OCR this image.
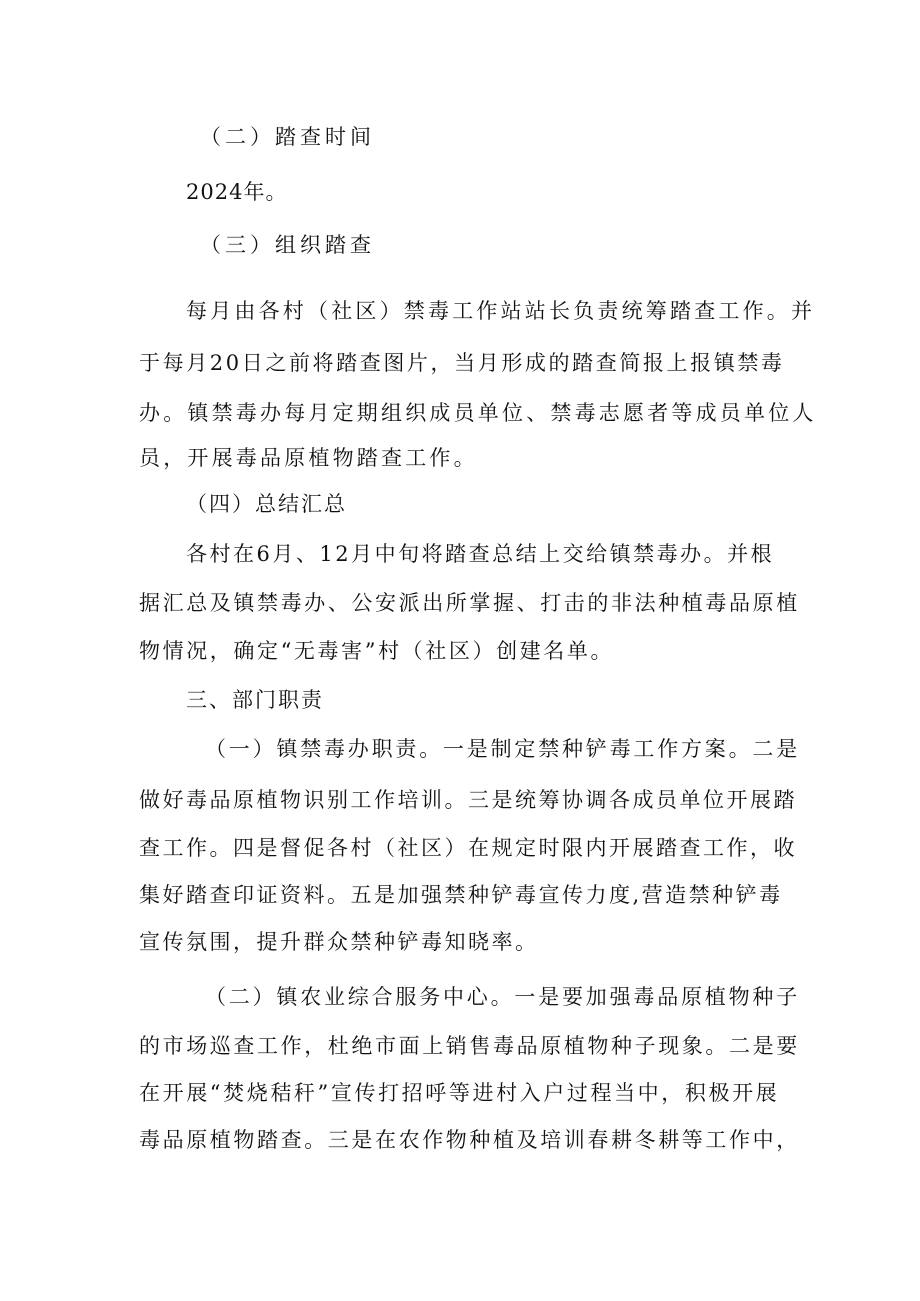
（二）踏查时间

2024年。

（三）组织踏查

每月由各村（社区）禁毒工作站站长负责统筹踏查工作。并

于每月20日之前将踏查图片，当月形成的踏查简报上报镇禁毒

办。镇禁毒办每月定期组织成员单位、禁毒志愿者等成员单位人

员，开展毒品原植物踏查工作。

（四）总结汇总

各村在6月、12月中旬将踏查总结上交给镇禁毒办。并根

据汇总及镇禁毒办、公安派出所掌握、打击的非法种植毒品原植

物情况，确定“无毒害”村（社区）创建名单。

三、部门职责

（一）镇禁毒办职责。一是制定禁种铲毒工作方案。二是

做好毒品原植物识别工作培训。三是统筹协调各成员单位开展踏

查工作。四是督促各村（社区）在规定时限内开展踏查工作，收

集好踏查印证资料。五是加强禁种铲毒宣传力度,营造禁种铲毒

宣传氛围，提升群众禁种铲毒知晓率。

（二）镇农业综合服务中心。一是要加强毒品原植物种子

的市场巡查工作，杜绝市面上销售毒品原植物种子现象。二是要

在开展“焚烧秸秆”宣传打招呼等进村入户过程当中，积极开展

毒品原植物踏查。三是在农作物种植及培训春耕冬耕等工作中，
